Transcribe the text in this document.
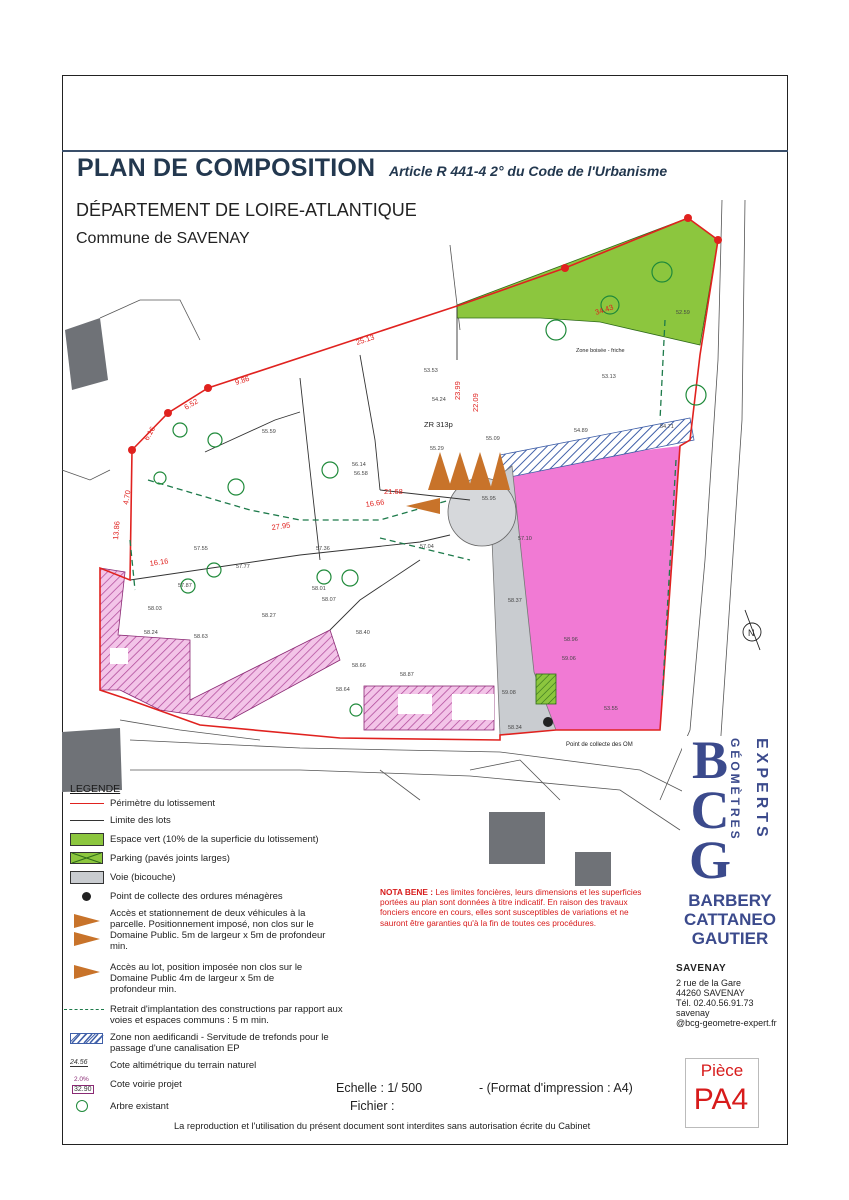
PLAN DE COMPOSITION Article R 441-4 2° du Code de l'Urbanisme
DÉPARTEMENT DE LOIRE-ATLANTIQUE
Commune de SAVENAY
N
ZR 313p
Zone boisée - friche
Point de collecte des OM
25.13
9.86
6.52
6.16
4.70
13.86
16.16
27.95
21.68
16.66
23.99
22.09
34.43
55.59
56.14
56.58
55.09
54.89
54.71
55.29
55.95
57.10
57.04
57.36
57.55
57.87
57.77
58.03
58.24
58.01
58.07
58.27
58.40
58.63
58.64
58.66
58.87
59.06
59.08
58.96
58.37
58.34
53.55
52.59
53.13
54.24
53.53
BCG
GÉOMÈTRES EXPERTS
LEGENDE
Périmètre du lotissement
Limite des lots
Espace vert (10% de la superficie du lotissement)
Parking (pavés joints larges)
Voie (bicouche)
Point de collecte des ordures ménagères
Accès et stationnement de deux véhicules à la parcelle. Positionnement imposé, non clos sur le Domaine Public. 5m de largeur x 5m de profondeur min.
Accès au lot, position imposée non clos sur le Domaine Public 4m de largeur x 5m de profondeur min.
Retrait d'implantation des constructions par rapport aux voies et espaces communs : 5 m min.
Zone non aedificandi - Servitude de trefonds pour le passage d'une canalisation EP
24.56 Cote altimétrique du terrain naturel
2.0%
32.90 Cote voirie projet
Arbre existant
NOTA BENE : Les limites foncières, leurs dimensions et les superficies portées au plan sont données à titre indicatif. En raison des travaux fonciers encore en cours, elles sont susceptibles de variations et ne sauront être garanties qu'à la fin de toutes ces procédures.
BARBERY
CATTANEO
GAUTIER
SAVENAY
2 rue de la Gare
44260 SAVENAY
Tél. 02.40.56.91.73
savenay
@bcg-geometre-expert.fr
Pièce
PA4
Echelle : 1/ 500	- (Format d'impression : A4)
Fichier :
La reproduction et l'utilisation du présent document sont interdites sans autorisation écrite du Cabinet
